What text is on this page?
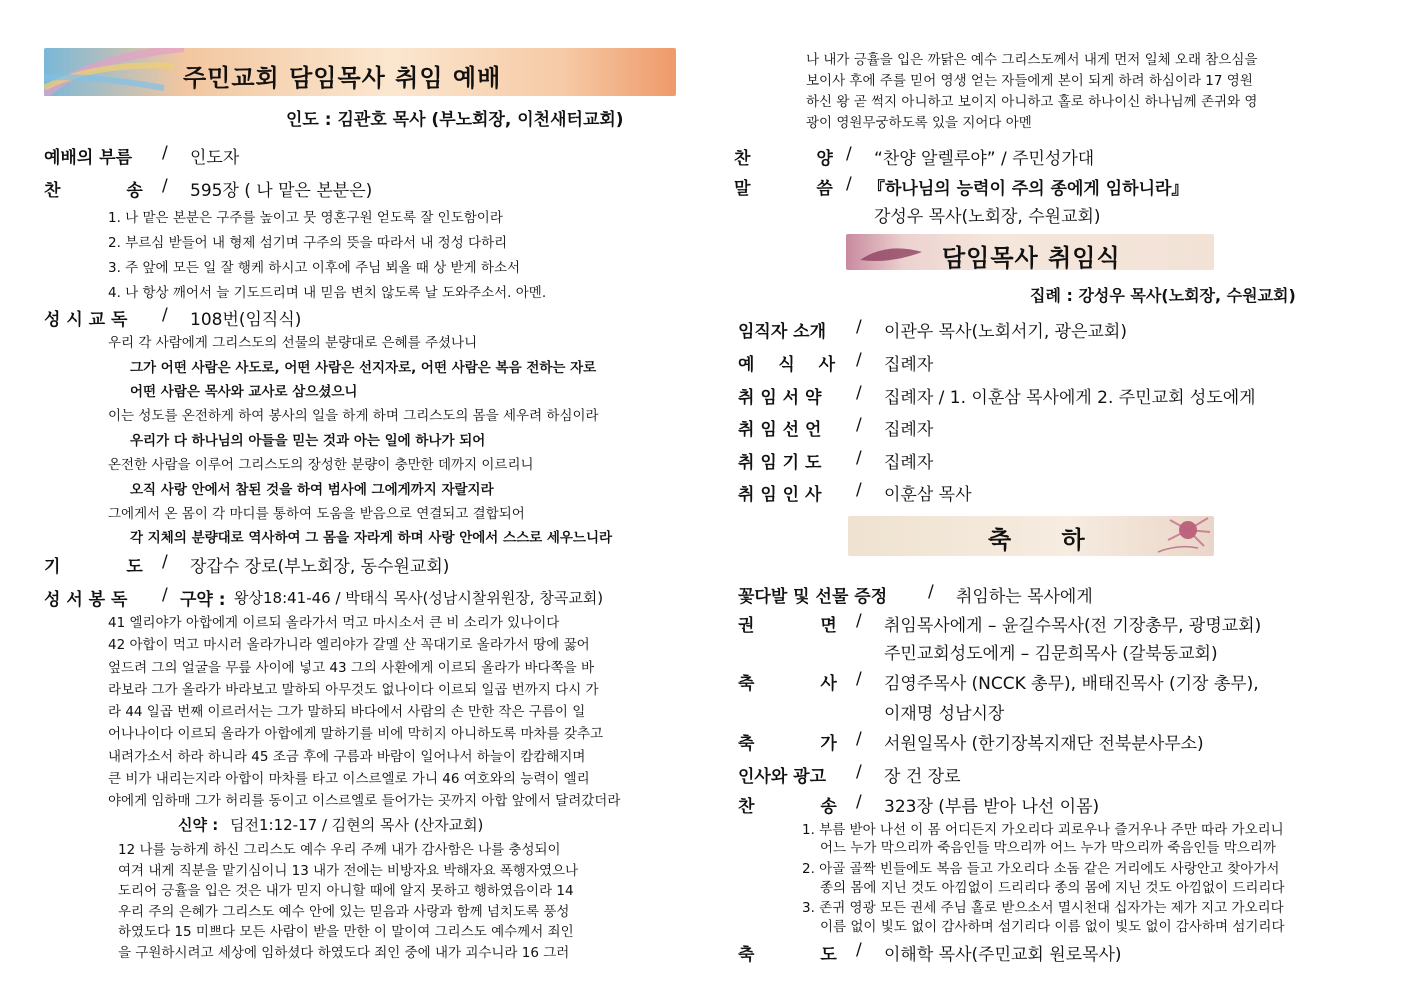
주민교회 담임목사 취임 예배
인도 : 김관호 목사 (부노회장, 이천새터교회)
예배의 부름 / 인도자
찬 송 / 595장 ( 나 맡은 본분은)
1. 나 맡은 본분은 구주를 높이고 뭇 영혼구원 얻도록 잘 인도함이라
2. 부르심 받들어 내 형제 섬기며 구주의 뜻을 따라서 내 정성 다하리
3. 주 앞에 모든 일 잘 행케 하시고 이후에 주님 뵈올 때 상 받게 하소서
4. 나 항상 깨어서 늘 기도드리며 내 믿음 변치 않도록 날 도와주소서. 아멘.
성 시 교 독 / 108번(임직식)
우리 각 사람에게 그리스도의 선물의 분량대로 은혜를 주셨나니
그가 어떤 사람은 사도로, 어떤 사람은 선지자로, 어떤 사람은 복음 전하는 자로
어떤 사람은 목사와 교사로 삼으셨으니
이는 성도를 온전하게 하여 봉사의 일을 하게 하며 그리스도의 몸을 세우려 하심이라
우리가 다 하나님의 아들을 믿는 것과 아는 일에 하나가 되어
온전한 사람을 이루어 그리스도의 장성한 분량이 충만한 데까지 이르리니
오직 사랑 안에서 참된 것을 하여 범사에 그에게까지 자랄지라
그에게서 온 몸이 각 마디를 통하여 도움을 받음으로 연결되고 결합되어
각 지체의 분량대로 역사하여 그 몸을 자라게 하며 사랑 안에서 스스로 세우느니라
기 도 / 장갑수 장로(부노회장, 동수원교회)
성 서 봉 독 / 구약 : 왕상18:41-46 / 박태식 목사(성남시찰위원장, 창곡교회)
41 엘리야가 아합에게 이르되 올라가서 먹고 마시소서 큰 비 소리가 있나이다
42 아합이 먹고 마시러 올라가니라 엘리야가 갈멜 산 꼭대기로 올라가서 땅에 꿇어
엎드려 그의 얼굴을 무릎 사이에 넣고 43 그의 사환에게 이르되 올라가 바다쪽을 바
라보라 그가 올라가 바라보고 말하되 아무것도 없나이다 이르되 일곱 번까지 다시 가
라 44 일곱 번째 이르러서는 그가 말하되 바다에서 사람의 손 만한 작은 구름이 일
어나나이다 이르되 올라가 아합에게 말하기를 비에 막히지 아니하도록 마차를 갖추고
내려가소서 하라 하니라 45 조금 후에 구름과 바람이 일어나서 하늘이 캄캄해지며
큰 비가 내리는지라 아합이 마차를 타고 이스르엘로 가니 46 여호와의 능력이 엘리
야에게 임하매 그가 허리를 동이고 이스르엘로 들어가는 곳까지 아합 앞에서 달려갔더라
신약 : 딤전1:12-17 / 김현의 목사 (산자교회)
12 나를 능하게 하신 그리스도 예수 우리 주께 내가 감사함은 나를 충성되이
여겨 내게 직분을 맡기심이니 13 내가 전에는 비방자요 박해자요 폭행자였으나
도리어 긍휼을 입은 것은 내가 믿지 아니할 때에 알지 못하고 행하였음이라 14
우리 주의 은혜가 그리스도 예수 안에 있는 믿음과 사랑과 함께 넘치도록 풍성
하였도다 15 미쁘다 모든 사람이 받을 만한 이 말이여 그리스도 예수께서 죄인
을 구원하시려고 세상에 임하셨다 하였도다 죄인 중에 내가 괴수니라 16 그러
나 내가 긍휼을 입은 까닭은 예수 그리스도께서 내게 먼저 일체 오래 참으심을
보이사 후에 주를 믿어 영생 얻는 자들에게 본이 되게 하려 하심이라 17 영원
하신 왕 곧 썩지 아니하고 보이지 아니하고 홀로 하나이신 하나님께 존귀와 영
광이 영원무궁하도록 있을 지어다 아멘
찬 양 / “찬양 알렐루야” / 주민성가대
말 씀 / 『하나님의 능력이 주의 종에게 임하니라』
강성우 목사(노회장, 수원교회)
담임목사 취임식
집례 : 강성우 목사(노회장, 수원교회)
임직자 소개 / 이관우 목사(노회서기, 광은교회)
예 식 사 / 집례자
취 임 서 약 / 집례자 / 1. 이훈삼 목사에게 2. 주민교회 성도에게
취 임 선 언 / 집례자
취 임 기 도 / 집례자
취 임 인 사 / 이훈삼 목사
축 하
꽃다발 및 선물 증정 / 취임하는 목사에게
권 면 / 취임목사에게 – 윤길수목사(전 기장총무, 광명교회)
주민교회성도에게 – 김문희목사 (갈북동교회)
축 사 / 김영주목사 (NCCK 총무), 배태진목사 (기장 총무),
이재명 성남시장
축 가 / 서원일목사 (한기장복지재단 전북분사무소)
인사와 광고 / 장 건 장로
찬 송 / 323장 (부름 받아 나선 이몸)
1. 부름 받아 나선 이 몸 어디든지 가오리다 괴로우나 즐거우나 주만 따라 가오리니
어느 누가 막으리까 죽음인들 막으리까 어느 누가 막으리까 죽음인들 막으리까
2. 아골 골짝 빈들에도 복음 들고 가오리다 소돔 같은 거리에도 사랑안고 찾아가서
종의 몸에 지닌 것도 아낌없이 드리리다 종의 몸에 지닌 것도 아낌없이 드리리다
3. 존귀 영광 모든 권세 주님 홀로 받으소서 멸시천대 십자가는 제가 지고 가오리다
이름 없이 빛도 없이 감사하며 섬기리다 이름 없이 빛도 없이 감사하며 섬기리다
축 도 / 이해학 목사(주민교회 원로목사)
